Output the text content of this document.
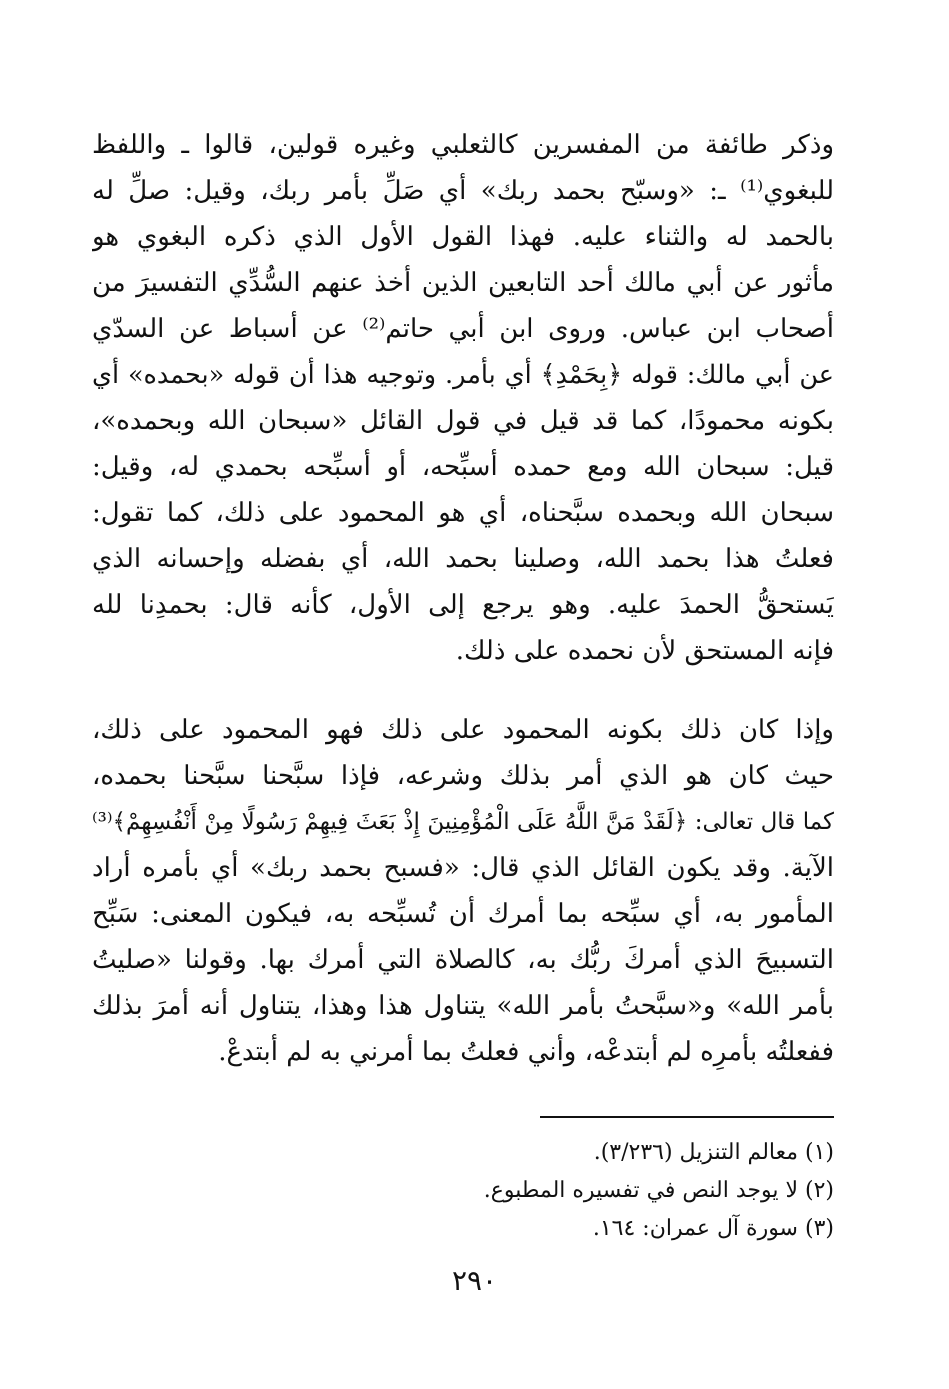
وذكر طائفة من المفسرين كالثعلبي وغيره قولين، قالوا ـ واللفظ
للبغوي⁽¹⁾ ـ: «وسبّح بحمد ربك» أي صَلِّ بأمر ربك، وقيل: صلِّ له
بالحمد له والثناء عليه. فهذا القول الأول الذي ذكره البغوي هو
مأثور عن أبي مالك أحد التابعين الذين أخذ عنهم السُّدِّي التفسيرَ من
أصحاب ابن عباس. وروى ابن أبي حاتم⁽²⁾ عن أسباط عن السدّي
عن أبي مالك: قوله ﴿بِحَمْدِ﴾ أي بأمر. وتوجيه هذا أن قوله «بحمده» أي
بكونه محمودًا، كما قد قيل في قول القائل «سبحان الله وبحمده»،
قيل: سبحان الله ومع حمده أسبِّحه، أو أسبِّحه بحمدي له، وقيل:
سبحان الله وبحمده سبَّحناه، أي هو المحمود على ذلك، كما تقول:
فعلتُ هذا بحمد الله، وصلينا بحمد الله، أي بفضله وإحسانه الذي
يَستحقُّ الحمدَ عليه. وهو يرجع إلى الأول، كأنه قال: بحمدِنا لله
فإنه المستحق لأن نحمده على ذلك.
وإذا كان ذلك بكونه المحمود على ذلك فهو المحمود على ذلك،
حيث كان هو الذي أمر بذلك وشرعه، فإذا سبَّحنا سبَّحنا بحمده،
كما قال تعالى: ﴿لَقَدْ مَنَّ اللَّهُ عَلَى الْمُؤْمِنِينَ إِذْ بَعَثَ فِيهِمْ رَسُولًا مِنْ أَنْفُسِهِمْ﴾⁽³⁾
الآية. وقد يكون القائل الذي قال: «فسبح بحمد ربك» أي بأمره أراد
المأمور به، أي سبِّحه بما أمرك أن تُسبِّحه به، فيكون المعنى: سَبِّح
التسبيحَ الذي أمركَ ربُّك به، كالصلاة التي أمرك بها. وقولنا «صليتُ
بأمر الله» و«سبَّحتُ بأمر الله» يتناول هذا وهذا، يتناول أنه أمرَ بذلك
ففعلتُه بأمرِه لم أبتدعْه، وأني فعلتُ بما أمرني به لم أبتدعْ.
(١) معالم التنزيل (٣/٢٣٦).
(٢) لا يوجد النص في تفسيره المطبوع.
(٣) سورة آل عمران: ١٦٤.
٢٩٠
